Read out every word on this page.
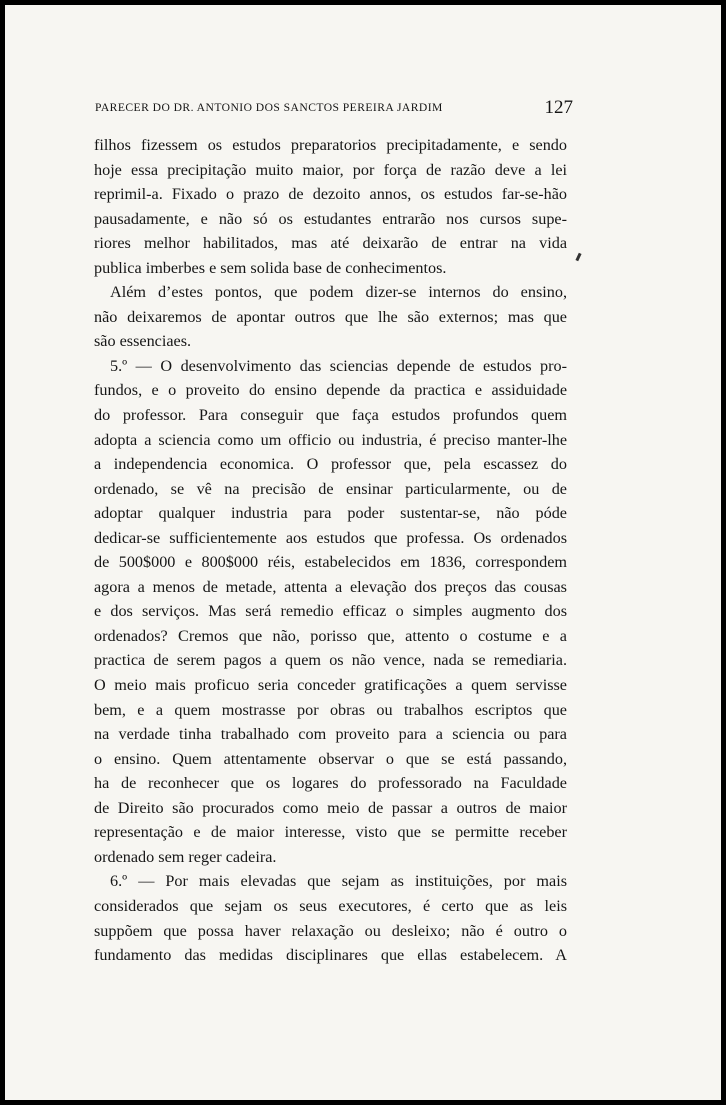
PARECER DO DR. ANTONIO DOS SANCTOS PEREIRA JARDIM	127
filhos fizessem os estudos preparatorios precipitadamente, e sendo
hoje essa precipitação muito maior, por força de razão deve a lei
reprimil-a. Fixado o prazo de dezoito annos, os estudos far-se-hão
pausadamente, e não só os estudantes entrarão nos cursos supe-
riores melhor habilitados, mas até deixarão de entrar na vida
publica imberbes e sem solida base de conhecimentos.
Além d’estes pontos, que podem dizer-se internos do ensino,
não deixaremos de apontar outros que lhe são externos; mas que
são essenciaes.
5.º — O desenvolvimento das sciencias depende de estudos pro-
fundos, e o proveito do ensino depende da practica e assiduidade
do professor. Para conseguir que faça estudos profundos quem
adopta a sciencia como um officio ou industria, é preciso manter-lhe
a independencia economica. O professor que, pela escassez do
ordenado, se vê na precisão de ensinar particularmente, ou de
adoptar qualquer industria para poder sustentar-se, não póde
dedicar-se sufficientemente aos estudos que professa. Os ordenados
de 500$000 e 800$000 réis, estabelecidos em 1836, correspondem
agora a menos de metade, attenta a elevação dos preços das cousas
e dos serviços. Mas será remedio efficaz o simples augmento dos
ordenados? Cremos que não, porisso que, attento o costume e a
practica de serem pagos a quem os não vence, nada se remediaria.
O meio mais proficuo seria conceder gratificações a quem servisse
bem, e a quem mostrasse por obras ou trabalhos escriptos que
na verdade tinha trabalhado com proveito para a sciencia ou para
o ensino. Quem attentamente observar o que se está passando,
ha de reconhecer que os logares do professorado na Faculdade
de Direito são procurados como meio de passar a outros de maior
representação e de maior interesse, visto que se permitte receber
ordenado sem reger cadeira.
6.º — Por mais elevadas que sejam as instituições, por mais
considerados que sejam os seus executores, é certo que as leis
suppõem que possa haver relaxação ou desleixo; não é outro o
fundamento das medidas disciplinares que ellas estabelecem. A
